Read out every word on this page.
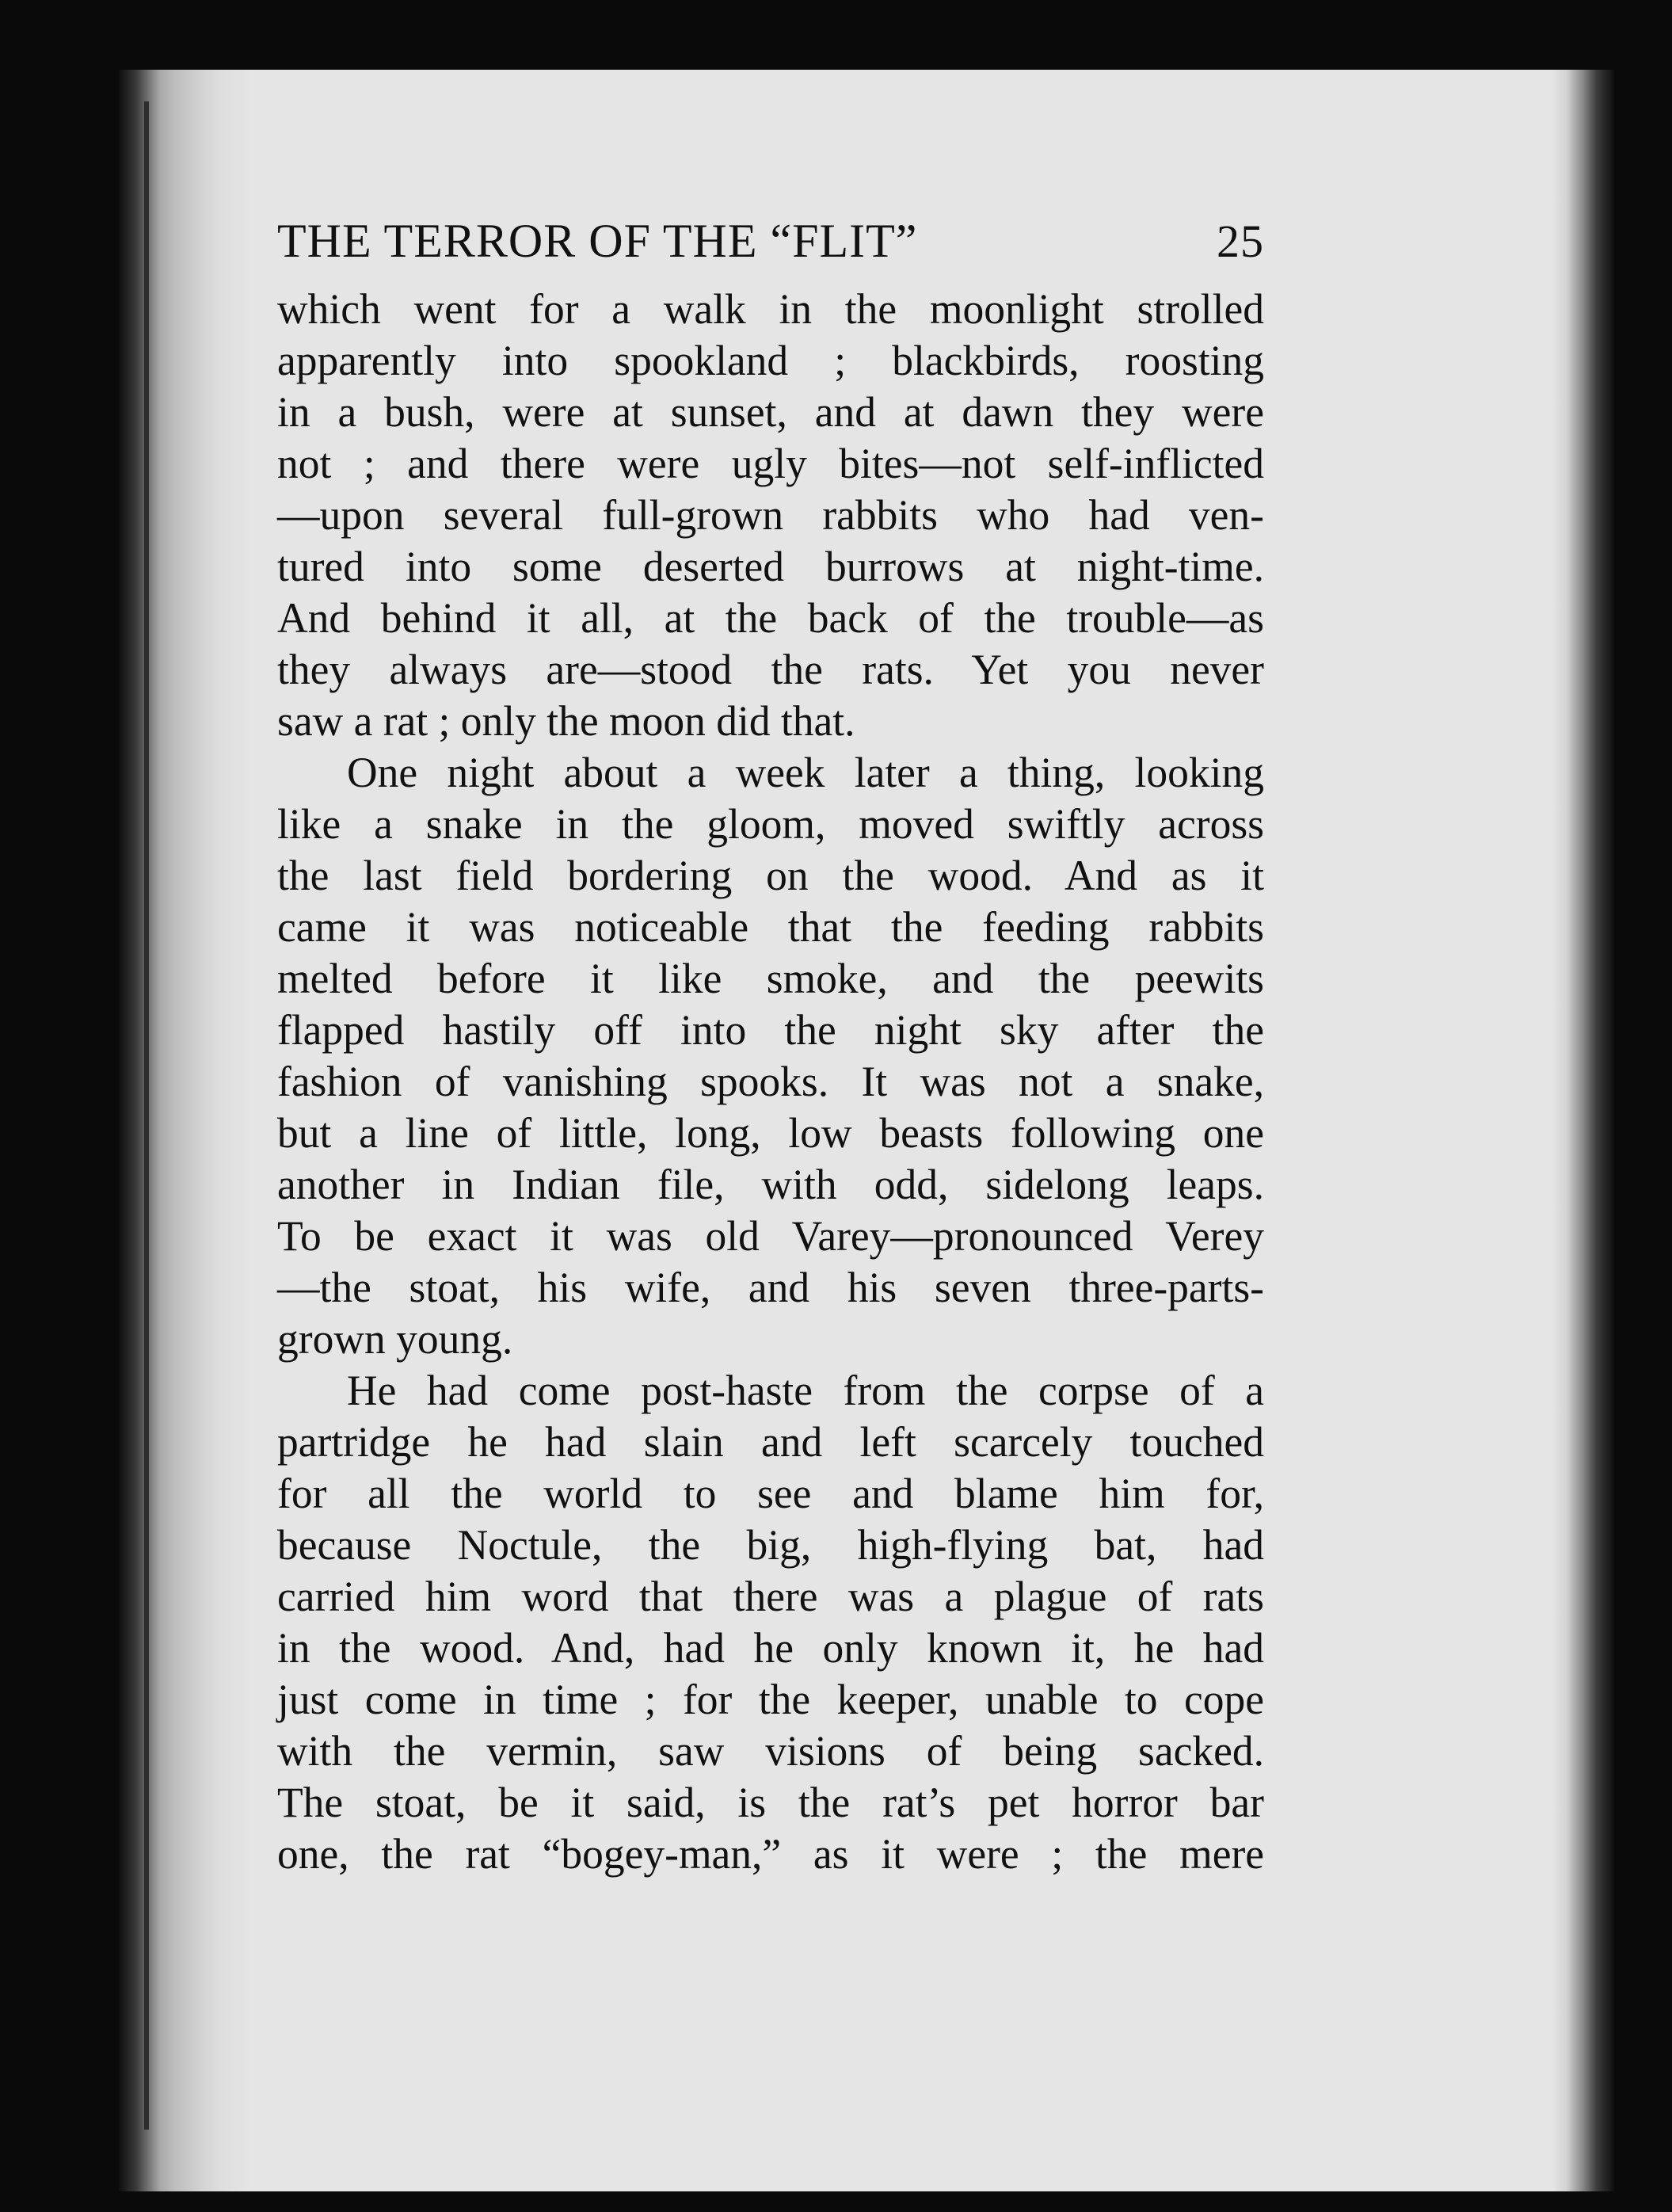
THE TERROR OF THE “FLIT”	25
which went for a walk in the moonlight strolled
apparently into spookland ; blackbirds, roosting
in a bush, were at sunset, and at dawn they were
not ; and there were ugly bites—not self-inflicted
—upon several full-grown rabbits who had ven-
tured into some deserted burrows at night-time.
And behind it all, at the back of the trouble—as
they always are—stood the rats. Yet you never
saw a rat ; only the moon did that.
One night about a week later a thing, looking
like a snake in the gloom, moved swiftly across
the last field bordering on the wood. And as it
came it was noticeable that the feeding rabbits
melted before it like smoke, and the peewits
flapped hastily off into the night sky after the
fashion of vanishing spooks. It was not a snake,
but a line of little, long, low beasts following one
another in Indian file, with odd, sidelong leaps.
To be exact it was old Varey—pronounced Verey
—the stoat, his wife, and his seven three-parts-
grown young.
He had come post-haste from the corpse of a
partridge he had slain and left scarcely touched
for all the world to see and blame him for,
because Noctule, the big, high-flying bat, had
carried him word that there was a plague of rats
in the wood. And, had he only known it, he had
just come in time ; for the keeper, unable to cope
with the vermin, saw visions of being sacked.
The stoat, be it said, is the rat’s pet horror bar
one, the rat “bogey-man,” as it were ; the mere
